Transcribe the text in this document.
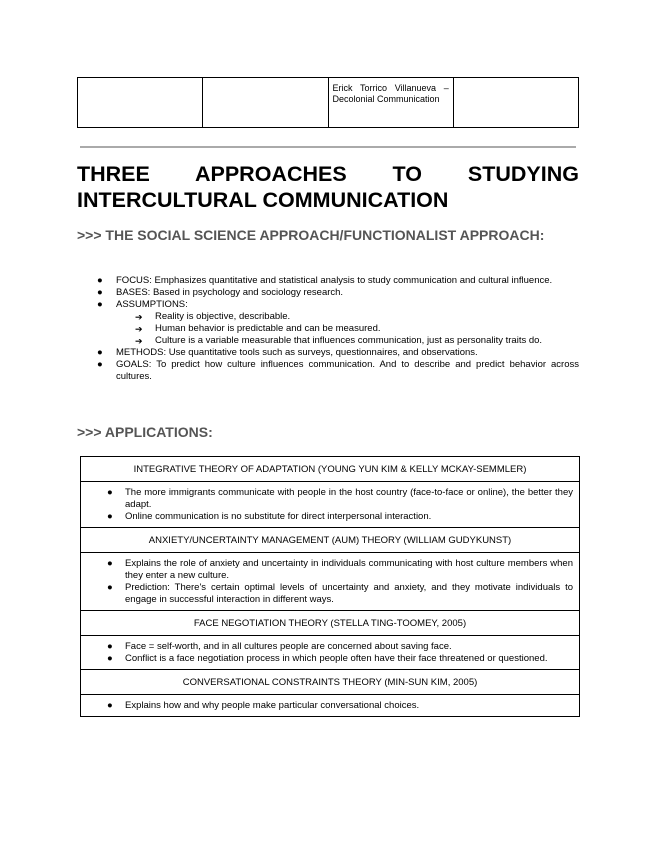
		Erick Torrico Villanueva – Decolonial Communication	
THREE APPROACHES TO STUDYING INTERCULTURAL COMMUNICATION
>>> THE SOCIAL SCIENCE APPROACH/FUNCTIONALIST APPROACH:
● FOCUS: Emphasizes quantitative and statistical analysis to study communication and cultural influence.
● BASES: Based in psychology and sociology research.
● ASSUMPTIONS:
➔ Reality is objective, describable.
➔ Human behavior is predictable and can be measured.
➔ Culture is a variable measurable that influences communication, just as personality traits do.
● METHODS: Use quantitative tools such as surveys, questionnaires, and observations.
● GOALS: To predict how culture influences communication. And to describe and predict behavior across cultures.
>>> APPLICATIONS:
INTEGRATIVE THEORY OF ADAPTATION (YOUNG YUN KIM & KELLY MCKAY-SEMMLER)

● The more immigrants communicate with people in the host country (face-to-face or online), the better they adapt.
● Online communication is no substitute for direct interpersonal interaction.

ANXIETY/UNCERTAINTY MANAGEMENT (AUM) THEORY (WILLIAM GUDYKUNST)

● Explains the role of anxiety and uncertainty in individuals communicating with host culture members when they enter a new culture.
● Prediction: There's certain optimal levels of uncertainty and anxiety, and they motivate individuals to engage in successful interaction in different ways.

FACE NEGOTIATION THEORY (STELLA TING-TOOMEY, 2005)

● Face = self-worth, and in all cultures people are concerned about saving face.
● Conflict is a face negotiation process in which people often have their face threatened or questioned.

CONVERSATIONAL CONSTRAINTS THEORY (MIN-SUN KIM, 2005)

● Explains how and why people make particular conversational choices.
